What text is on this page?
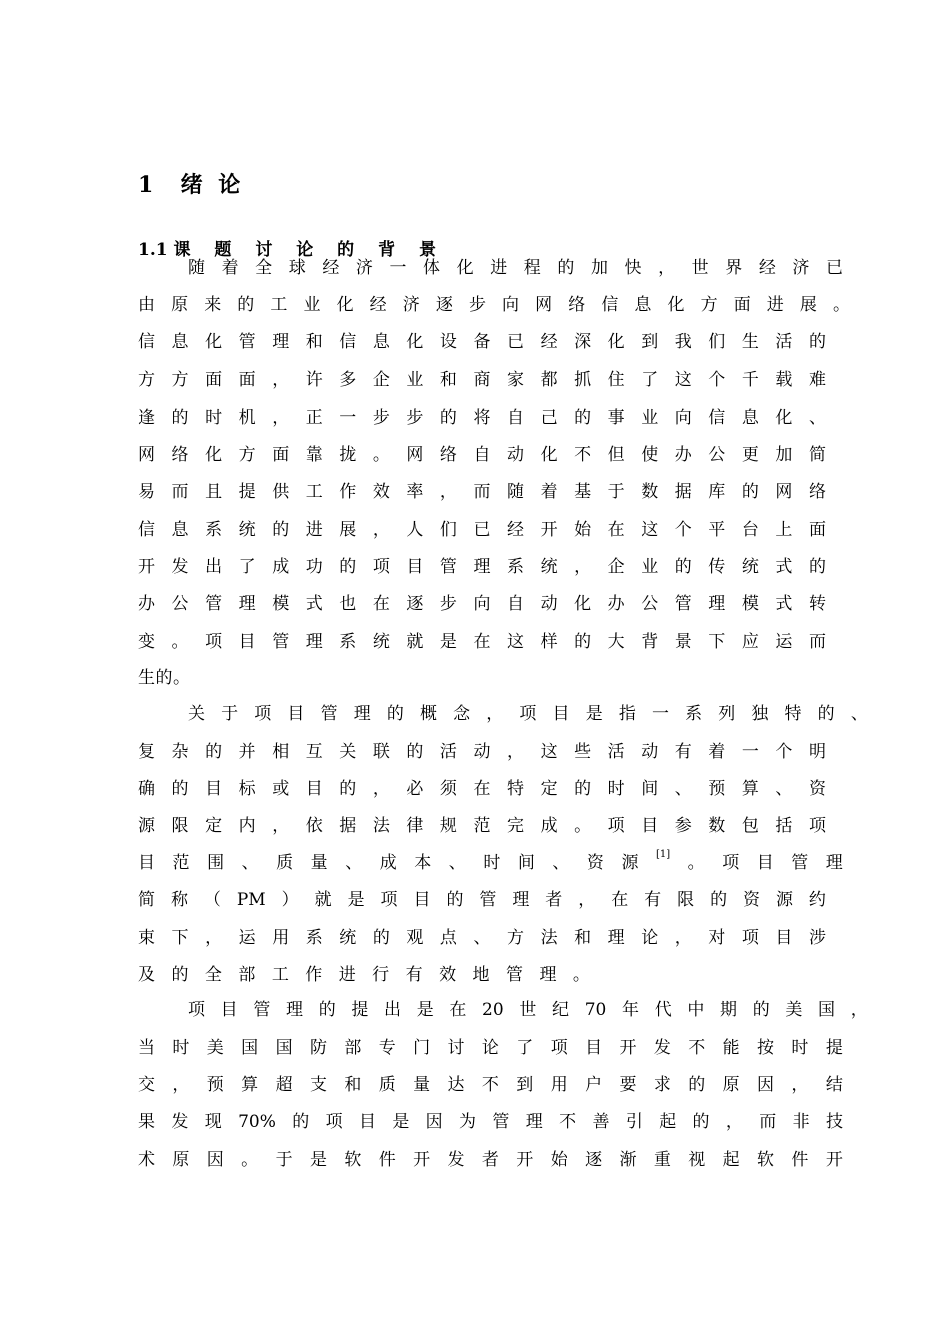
1  绪 论
1.1 课 题 讨 论 的 背 景
随 着 全 球 经 济 一 体 化 进 程 的 加 快 ， 世 界 经 济 已
由 原 来 的 工 业 化 经 济 逐 步 向 网 络 信 息 化 方 面 进 展 。
信 息 化 管 理 和 信 息 化 设 备 已 经 深 化 到 我 们 生 活 的
方 方 面 面 ， 许 多 企 业 和 商 家 都 抓 住 了 这 个 千 载 难
逢 的 时 机 ， 正 一 步 步 的 将 自 己 的 事 业 向 信 息 化 、
网 络 化 方 面 靠 拢 。 网 络 自 动 化 不 但 使 办 公 更 加 简
易 而 且 提 供 工 作 效 率 ， 而 随 着 基 于 数 据 库 的 网 络
信 息 系 统 的 进 展 ， 人 们 已 经 开 始 在 这 个 平 台 上 面
开 发 出 了 成 功 的 项 目 管 理 系 统 ， 企 业 的 传 统 式 的
办 公 管 理 模 式 也 在 逐 步 向 自 动 化 办 公 管 理 模 式 转
变 。 项 目 管 理 系 统 就 是 在 这 样 的 大 背 景 下 应 运 而
生 的 。
关 于 项 目 管 理 的 概 念 ， 项 目 是 指 一 系 列 独 特 的 、
复 杂 的 并 相 互 关 联 的 活 动 ， 这 些 活 动 有 着 一 个 明
确 的 目 标 或 目 的 ， 必 须 在 特 定 的 时 间 、 预 算 、 资
源 限 定 内 ， 依 据 法 律 规 范 完 成 。 项 目 参 数 包 括 项
目 范 围 、 质 量 、 成 本 、 时 间 、 资 源 [1] 。 项 目 管 理
简 称 （ PM ） 就 是 项 目 的 管 理 者 ， 在 有 限 的 资 源 约
束 下 ， 运 用 系 统 的 观 点 、 方 法 和 理 论 ， 对 项 目 涉
及 的 全 部 工 作 进 行 有 效 地 管 理 。
项 目 管 理 的 提 出 是 在 20 世 纪 70 年 代 中 期 的 美 国 ，
当 时 美 国 国 防 部 专 门 讨 论 了 项 目 开 发 不 能 按 时 提
交 ， 预 算 超 支 和 质 量 达 不 到 用 户 要 求 的 原 因 ， 结
果 发 现 70% 的 项 目 是 因 为 管 理 不 善 引 起 的 ， 而 非 技
术 原 因 。 于 是 软 件 开 发 者 开 始 逐 渐 重 视 起 软 件 开
